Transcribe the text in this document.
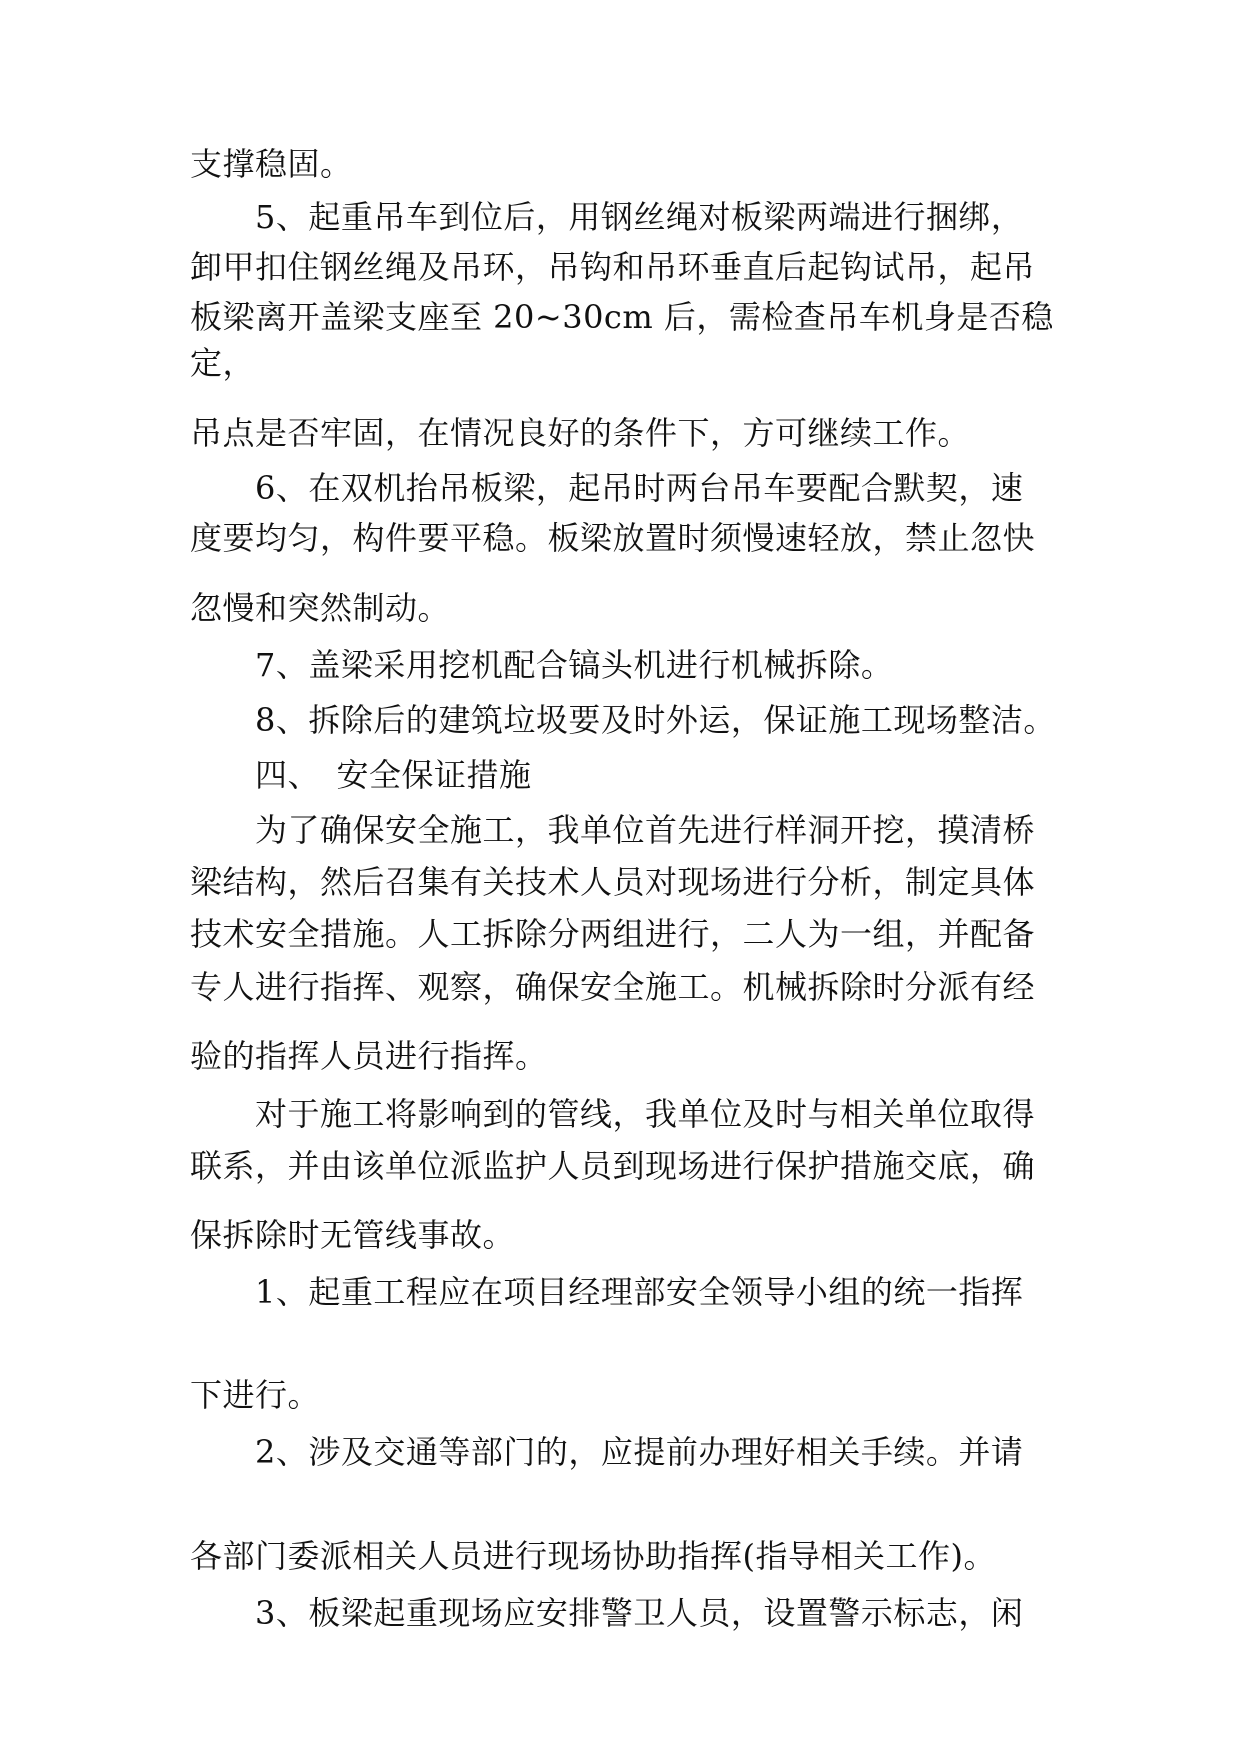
支撑稳固。
5、起重吊车到位后，用钢丝绳对板梁两端进行捆绑，
卸甲扣住钢丝绳及吊环，吊钩和吊环垂直后起钩试吊，起吊
板梁离开盖梁支座至 20~30cm 后，需检查吊车机身是否稳
定，
吊点是否牢固，在情况良好的条件下，方可继续工作。
6、在双机抬吊板梁，起吊时两台吊车要配合默契，速
度要均匀，构件要平稳。板梁放置时须慢速轻放，禁止忽快
忽慢和突然制动。
7、盖梁采用挖机配合镐头机进行机械拆除。
8、拆除后的建筑垃圾要及时外运，保证施工现场整洁。
四、　安全保证措施
为了确保安全施工，我单位首先进行样洞开挖，摸清桥
梁结构，然后召集有关技术人员对现场进行分析，制定具体
技术安全措施。人工拆除分两组进行，二人为一组，并配备
专人进行指挥、观察，确保安全施工。机械拆除时分派有经
验的指挥人员进行指挥。
对于施工将影响到的管线，我单位及时与相关单位取得
联系，并由该单位派监护人员到现场进行保护措施交底，确
保拆除时无管线事故。
1、起重工程应在项目经理部安全领导小组的统一指挥
下进行。
2、涉及交通等部门的，应提前办理好相关手续。并请
各部门委派相关人员进行现场协助指挥(指导相关工作)。
3、板梁起重现场应安排警卫人员，设置警示标志，闲
